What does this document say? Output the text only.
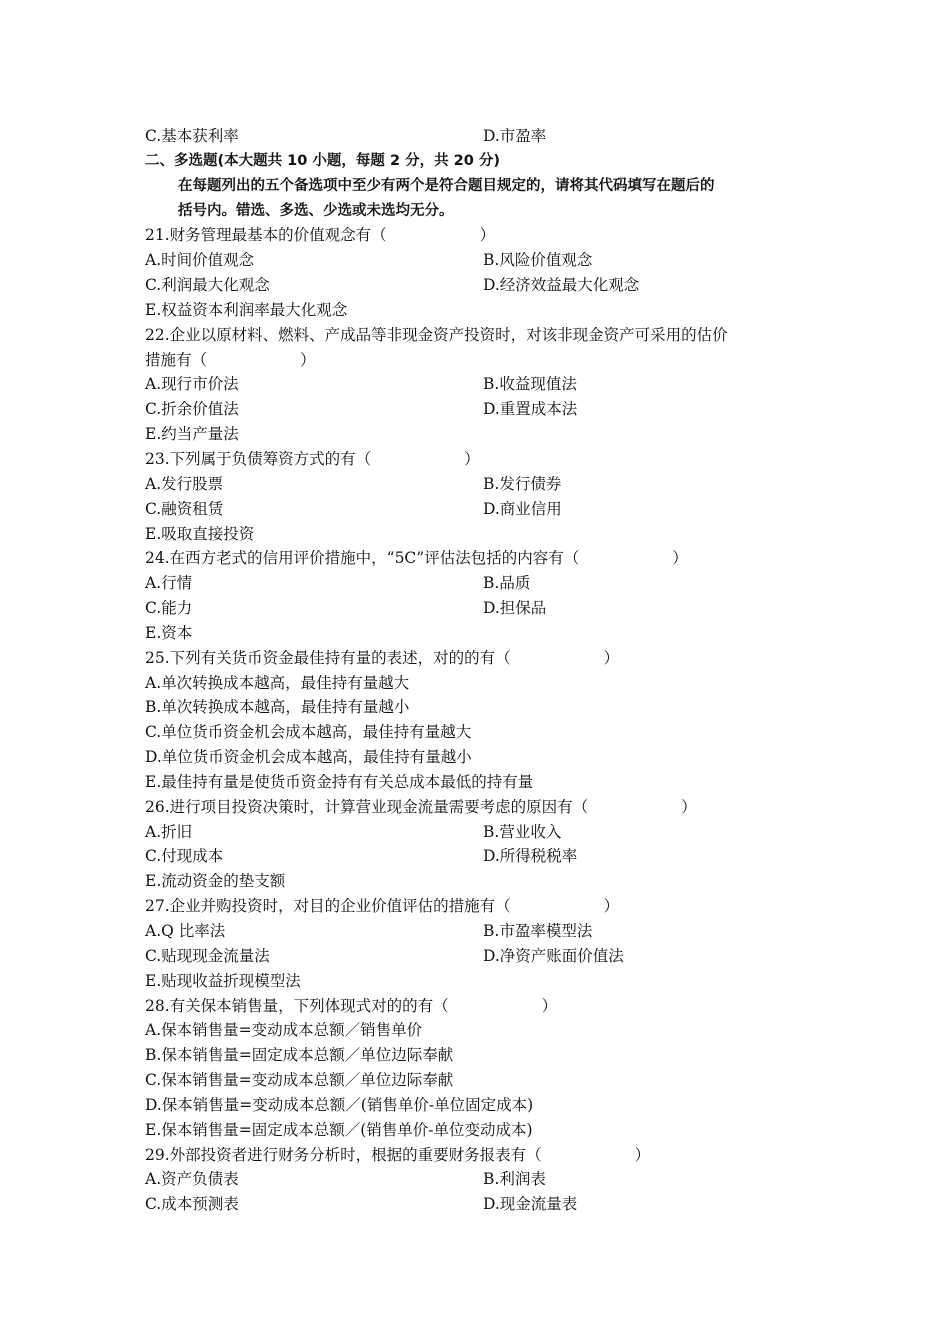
C.基本获利率	D.市盈率
二、多选题(本大题共 10 小题，每题 2 分，共 20 分)
在每题列出的五个备选项中至少有两个是符合题目规定的，请将其代码填写在题后的
括号内。错选、多选、少选或未选均无分。
21.财务管理最基本的价值观念有（　　　　　　）
A.时间价值观念	B.风险价值观念
C.利润最大化观念	D.经济效益最大化观念
E.权益资本利润率最大化观念
22.企业以原材料、燃料、产成品等非现金资产投资时，对该非现金资产可采用的估价
措施有（　　　　　　）
A.现行市价法	B.收益现值法
C.折余价值法	D.重置成本法
E.约当产量法
23.下列属于负债筹资方式的有（　　　　　　）
A.发行股票	B.发行债券
C.融资租赁	D.商业信用
E.吸取直接投资
24.在西方老式的信用评价措施中，“5C”评估法包括的内容有（　　　　　　）
A.行情	B.品质
C.能力	D.担保品
E.资本
25.下列有关货币资金最佳持有量的表述，对的的有（　　　　　　）
A.单次转换成本越高，最佳持有量越大
B.单次转换成本越高，最佳持有量越小
C.单位货币资金机会成本越高，最佳持有量越大
D.单位货币资金机会成本越高，最佳持有量越小
E.最佳持有量是使货币资金持有有关总成本最低的持有量
26.进行项目投资决策时，计算营业现金流量需要考虑的原因有（　　　　　　）
A.折旧	B.营业收入
C.付现成本	D.所得税税率
E.流动资金的垫支额
27.企业并购投资时，对目的企业价值评估的措施有（　　　　　　）
A.Q 比率法	B.市盈率模型法
C.贴现现金流量法	D.净资产账面价值法
E.贴现收益折现模型法
28.有关保本销售量，下列体现式对的的有（　　　　　　）
A.保本销售量=变动成本总额／销售单价
B.保本销售量=固定成本总额／单位边际奉献
C.保本销售量=变动成本总额／单位边际奉献
D.保本销售量=变动成本总额／(销售单价-单位固定成本)
E.保本销售量=固定成本总额／(销售单价-单位变动成本)
29.外部投资者进行财务分析时，根据的重要财务报表有（　　　　　　）
A.资产负债表	B.利润表
C.成本预测表	D.现金流量表
